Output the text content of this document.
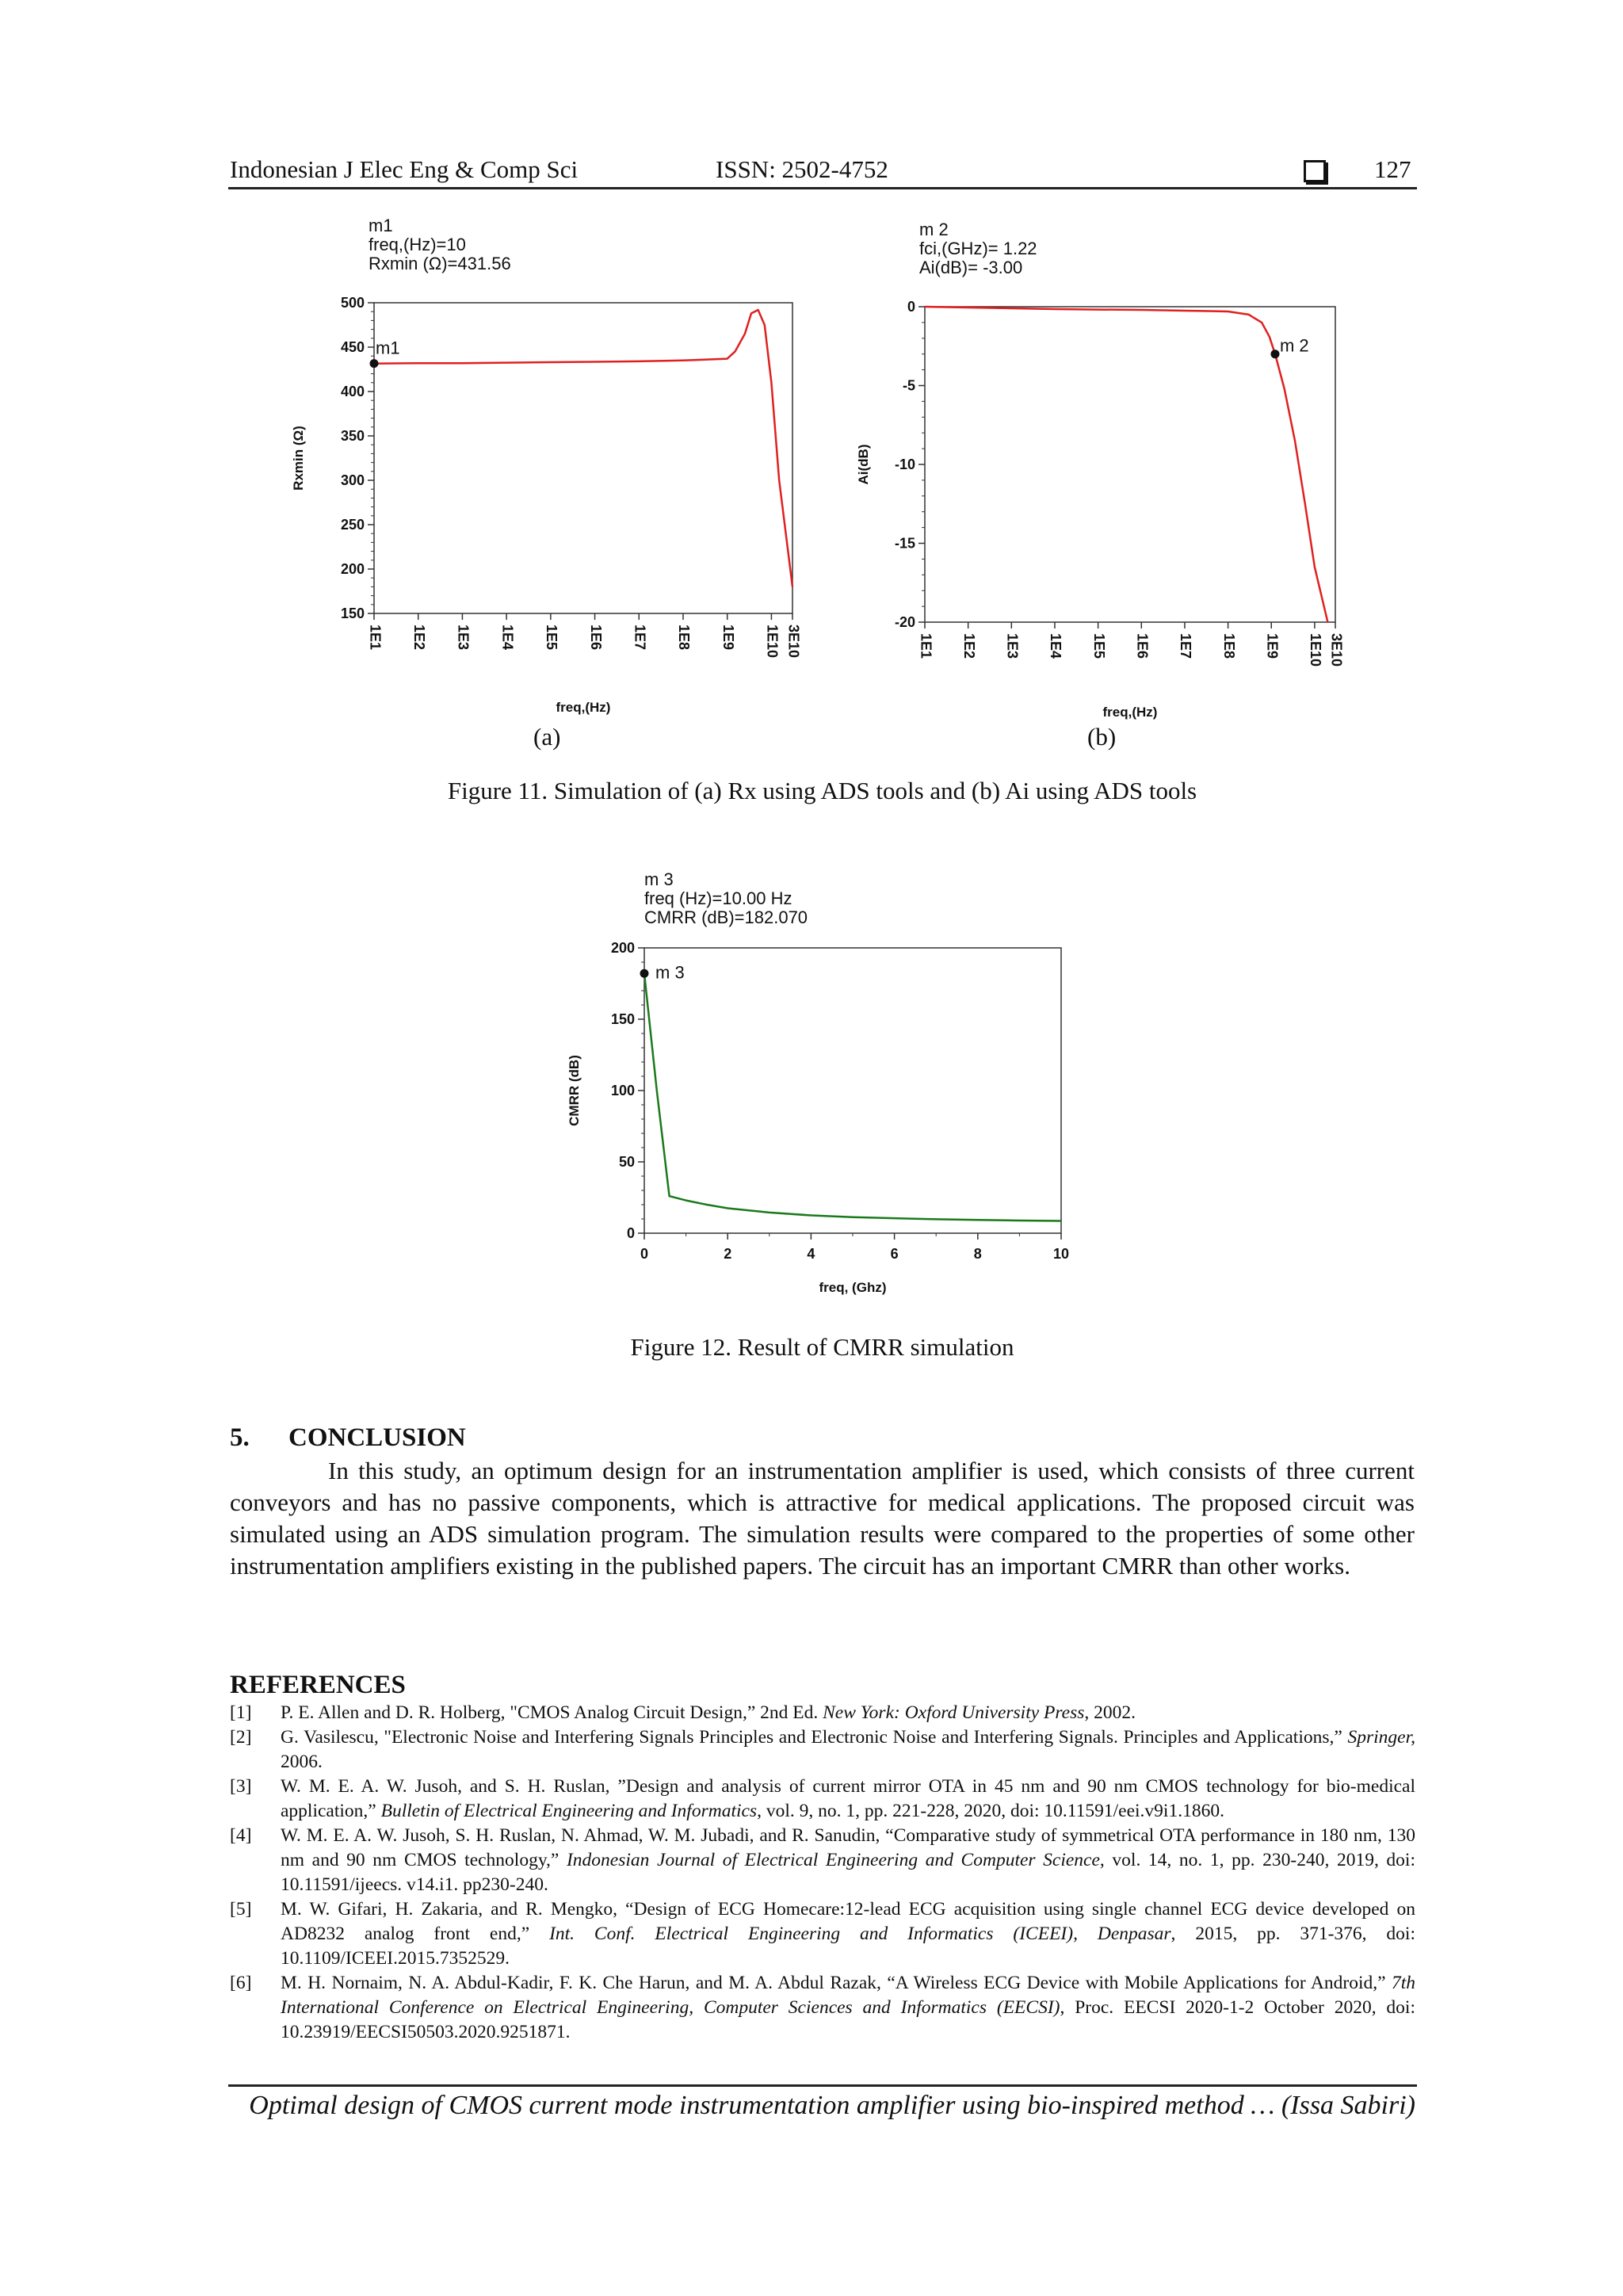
Indonesian J Elec Eng & Comp Sci	ISSN: 2502-4752	127
150
200
250
300
350
400
450
500
1E1 1E2 1E3 1E4 1E5 1E6 1E7 1E8 1E9 1E10 3E10
freq,(Hz)
Rxmin (Ω)
m1
m1
freq,(Hz)=10
Rxmin (Ω)=431.56
-20
-15
-10
-5
0
1E1 1E2 1E3 1E4 1E5 1E6 1E7 1E8 1E9 1E10 3E10
freq,(Hz)
Ai(dB)
m 2
m 2
fci,(GHz)= 1.22
Ai(dB)= -3.00
(a)	(b)
Figure 11. Simulation of (a) Rx using ADS tools and (b) Ai using ADS tools
0
50
100
150
200
0	2	4	6	8	10
freq, (Ghz)
CMRR (dB)
m 3
m 3
freq (Hz)=10.00 Hz
CMRR (dB)=182.070
Figure 12. Result of CMRR simulation
5. CONCLUSION
In this study, an optimum design for an instrumentation amplifier is used, which consists of three current conveyors and has no passive components, which is attractive for medical applications. The proposed circuit was simulated using an ADS simulation program. The simulation results were compared to the properties of some other instrumentation amplifiers existing in the published papers. The circuit has an important CMRR than other works.
REFERENCES
[1]	P. E. Allen and D. R. Holberg, "CMOS Analog Circuit Design,” 2nd Ed. New York: Oxford University Press, 2002.
[2]	G. Vasilescu, "Electronic Noise and Interfering Signals Principles and Electronic Noise and Interfering Signals. Principles and Applications,” Springer, 2006.
[3]	W. M. E. A. W. Jusoh, and S. H. Ruslan, ”Design and analysis of current mirror OTA in 45 nm and 90 nm CMOS technology for bio-medical application,” Bulletin of Electrical Engineering and Informatics, vol. 9, no. 1, pp. 221-228, 2020, doi: 10.11591/eei.v9i1.1860.
[4]	W. M. E. A. W. Jusoh, S. H. Ruslan, N. Ahmad, W. M. Jubadi, and R. Sanudin, “Comparative study of symmetrical OTA performance in 180 nm, 130 nm and 90 nm CMOS technology,” Indonesian Journal of Electrical Engineering and Computer Science, vol. 14, no. 1, pp. 230-240, 2019, doi: 10.11591/ijeecs. v14.i1. pp230-240.
[5]	M. W. Gifari, H. Zakaria, and R. Mengko, “Design of ECG Homecare:12-lead ECG acquisition using single channel ECG device developed on AD8232 analog front end,” Int. Conf. Electrical Engineering and Informatics (ICEEI), Denpasar, 2015, pp. 371-376, doi: 10.1109/ICEEI.2015.7352529.
[6]	M. H. Nornaim, N. A. Abdul-Kadir, F. K. Che Harun, and M. A. Abdul Razak, “A Wireless ECG Device with Mobile Applications for Android,” 7th International Conference on Electrical Engineering, Computer Sciences and Informatics (EECSI), Proc. EECSI 2020-1-2 October 2020, doi: 10.23919/EECSI50503.2020.9251871.
Optimal design of CMOS current mode instrumentation amplifier using bio-inspired method … (Issa Sabiri)
